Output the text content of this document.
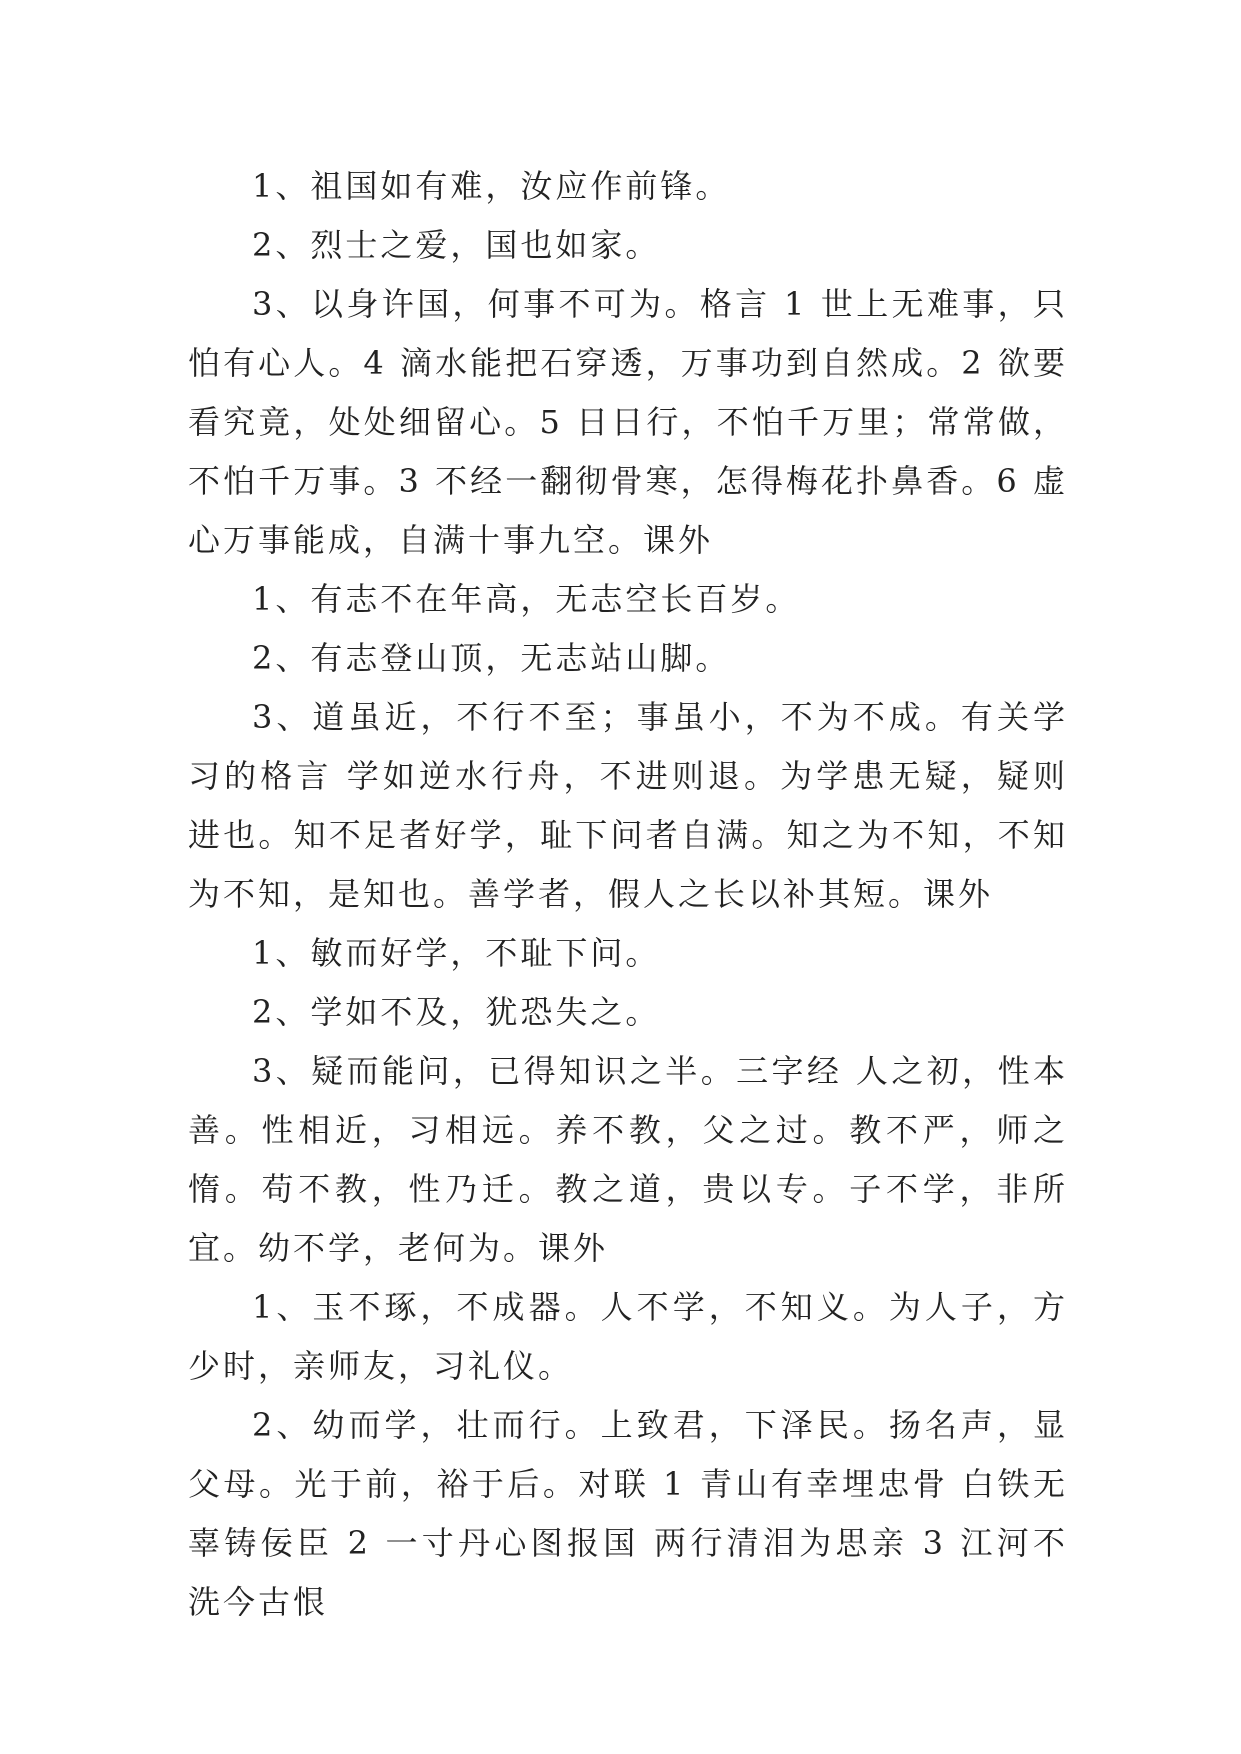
1、祖国如有难，汝应作前锋。

2、烈士之爱，国也如家。

3、以身许国，何事不可为。格言 1 世上无难事，只怕有心人。4 滴水能把石穿透，万事功到自然成。2 欲要看究竟，处处细留心。5 日日行，不怕千万里；常常做，不怕千万事。3 不经一翻彻骨寒，怎得梅花扑鼻香。6 虚心万事能成，自满十事九空。课外

1、有志不在年高，无志空长百岁。

2、有志登山顶，无志站山脚。

3、道虽近，不行不至；事虽小，不为不成。有关学习的格言 学如逆水行舟，不进则退。为学患无疑，疑则进也。知不足者好学，耻下问者自满。知之为不知，不知为不知，是知也。善学者，假人之长以补其短。课外

1、敏而好学，不耻下问。

2、学如不及，犹恐失之。

3、疑而能问，已得知识之半。三字经 人之初，性本善。性相近，习相远。养不教，父之过。教不严，师之惰。苟不教，性乃迁。教之道，贵以专。子不学，非所宜。幼不学，老何为。课外

1、玉不琢，不成器。人不学，不知义。为人子，方少时，亲师友，习礼仪。

2、幼而学，壮而行。上致君，下泽民。扬名声，显父母。光于前，裕于后。对联 1 青山有幸埋忠骨 白铁无辜铸佞臣 2 一寸丹心图报国 两行清泪为思亲 3 江河不洗今古恨
